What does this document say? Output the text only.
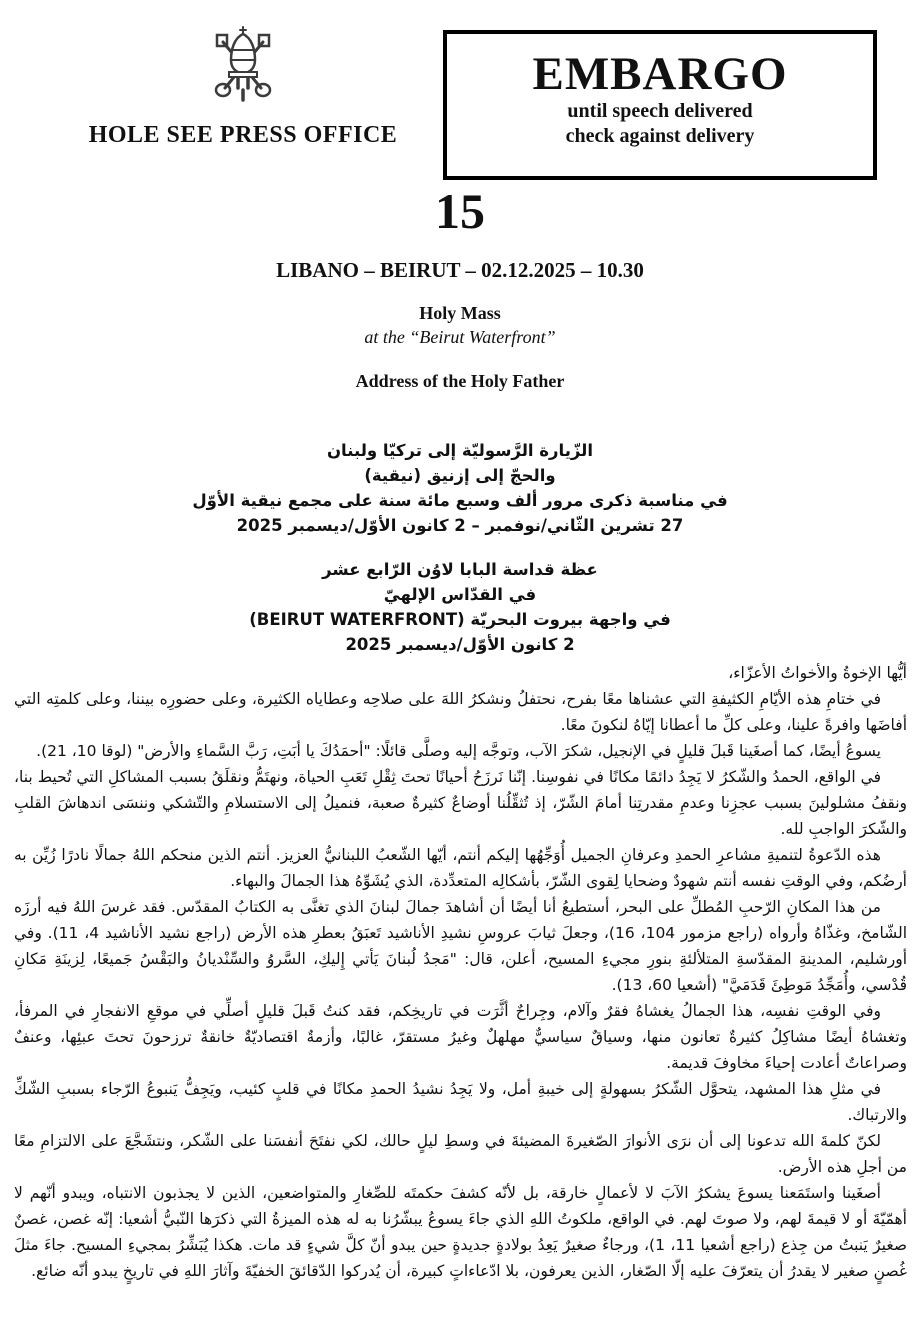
HOLE SEE PRESS OFFICE
EMBARGO
until speech delivered
check against delivery
15
LIBANO – BEIRUT – 02.12.2025 – 10.30
Holy Mass
at the “Beirut Waterfront”
Address of the Holy Father
الزّيارة الرَّسوليّة إلى تركيّا ولبنان
والحجّ إلى إزنيق (نيقية)
في مناسبة ذكرى مرور ألف وسبع مائة سنة على مجمع نيقية الأوّل
27 تشرين الثّاني/نوفمبر – 2 كانون الأوّل/ديسمبر 2025
عظة قداسة البابا لاوُن الرّابع عشر
في القدّاس الإلهيّ
في واجهة بيروت البحريّة (BEIRUT WATERFRONT)
2 كانون الأوّل/ديسمبر 2025

أيُّها الإخوةُ والأخواتُ الأعزّاء،

في ختامِ هذه الأيّامِ الكثيفةِ التي عشناها معًا بفرح، نحتفلُ ونشكرُ اللهَ على صلاحِه وعطاياه الكثيرة، وعلى حضورِه بيننا، وعلى كلمتِه التي أفاضَها وافرةً علينا، وعلى كلِّ ما أعطانا إيّاهُ لنكونَ معًا.

يسوعُ أيضًا، كما أصغَينا قَبلَ قليلٍ في الإنجيل، شكرَ الآب، وتوجَّه إليه وصلَّى قائلًا: "أحمَدُكَ يا أبَتِ، رَبَّ السَّماءِ والأرض" (لوقا 10، 21).

في الواقع، الحمدُ والشّكرُ لا يَجِدُ دائمًا مكانًا في نفوسِنا. إنّنا نَرزَحُ أحيانًا تحتَ ثِقْلِ تَعَبِ الحياة، ونهتَمُّ ونقلَقُ بسبب المشاكلِ التي تُحيط بنا، ونقفُ مشلولينَ بسبب عجزِنا وعدمِ مقدرتِنا أمامَ الشّرّ، إذ تُثقِّلُنا أوضاعٌ كثيرةٌ صعبة، فنميلُ إلى الاستسلامِ والتّشكي وننسَى اندهاشَ القلبِ والشّكرَ الواجبِ لله.

هذه الدّعوةُ لتنميةِ مشاعرِ الحمدِ وعرفانِ الجميل أُوَجِّهُها إليكم أنتم، أيّها الشّعبُ اللبنانيُّ العزيز. أنتم الذين منحكم اللهُ جمالًا نادرًا زُيِّن به أرضُكم، وفي الوقتِ نفسه أنتم شهودٌ وضحايا لِقوى الشّرّ، بأشكالِه المتعدِّدة، الذي يُشَوِّهُ هذا الجمالَ والبهاء.

من هذا المكانِ الرّحبِ المُطلِّ على البحر، أستطيعُ أنا أيضًا أن أشاهدَ جمالَ لبنانَ الذي تغنَّى به الكتابُ المقدّس. فقد غرسَ اللهُ فيه أرزَه الشّامخ، وغذّاهُ وأرواه (راجع مزمور 104، 16)، وجعلَ ثيابَ عروسِ نشيدِ الأناشيد تَعبَقُ بعطرِ هذه الأرض (راجع نشيد الأناشيد 4، 11). وفي أورشليم، المدينةِ المقدّسةِ المتلألئةِ بنورِ مجيءِ المسيح، أعلن، قال: "مَجدُ لُبنانَ يَأتي إِليكِ، السَّروُ والسِّنْديانُ والبَقْسُ جَميعًا، لِزينَةِ مَكانِ قُدْسي، وأُمَجِّدُ مَوطِئَ قَدَمَيَّ" (أشعيا 60، 13).

وفي الوقتِ نفسِه، هذا الجمالُ يغشاهُ فقرٌ وآلام، وجِراحٌ أثَّرَت في تاريخِكم، فقد كنتُ قَبلَ قليلٍ أصلِّي في موقعِ الانفجارِ في المرفأ، وتغشاهُ أيضًا مشاكِلُ كثيرةٌ تعانون منها، وسياقٌ سياسيٌّ مهلهلٌ وغيرُ مستقرّ، غالبًا، وأزمةٌ اقتصاديّةٌ خانقةٌ ترزحونَ تحتَ عبئِها، وعنفٌ وصراعاتٌ أعادت إحياءَ مخاوفَ قديمة.

في مثلِ هذا المشهد، يتحوَّل الشّكرُ بسهولةٍ إلى خيبةِ أمل، ولا يَجِدُ نشيدُ الحمدِ مكانًا في قلبٍ كئيب، ويَجِفُّ يَنبوعُ الرّجاء بسببِ الشّكِّ والارتباك.

لكنّ كلمةَ الله تدعونا إلى أن نرَى الأنوارَ الصّغيرةَ المضيئةَ في وسطِ ليلٍ حالك، لكي نفتَحَ أنفسَنا على الشّكر، ونتشَجَّعَ على الالتزامِ معًا من أجلِ هذه الأرض.

أصغَينا واستَمَعنا يسوعَ يشكرُ الآبَ لا لأعمالٍ خارقة، بل لأنّه كشفَ حكمتَه للصِّغارِ والمتواضعين، الذين لا يجذبون الانتباه، ويبدو أنّهم لا أهمّيّةَ أو لا قيمةَ لهم، ولا صوتَ لهم. في الواقع، ملكوتُ اللهِ الذي جاءَ يسوعُ يبشّرُنا به له هذه الميزةُ التي ذكرَها النّبيُّ أشعيا: إنّه غصن، غصنٌ صغيرٌ يَنبتُ من جِذع (راجع أشعيا 11، 1)، ورجاءٌ صغيرٌ يَعِدُ بولادةٍ جديدةٍ حين يبدو أنّ كلَّ شيءٍ قد مات. هكذا يُبَشِّرُ بمجيءِ المسيح. جاءَ مثلَ غُصنٍ صغير لا يقدرُ أن يتعرّفَ عليه إلّا الصّغار، الذين يعرفون، بلا ادّعاءاتٍ كبيرة، أن يُدركوا الدّقائقَ الخفيّةَ وآثارَ اللهِ في تاريخٍ يبدو أنّه ضائع.
